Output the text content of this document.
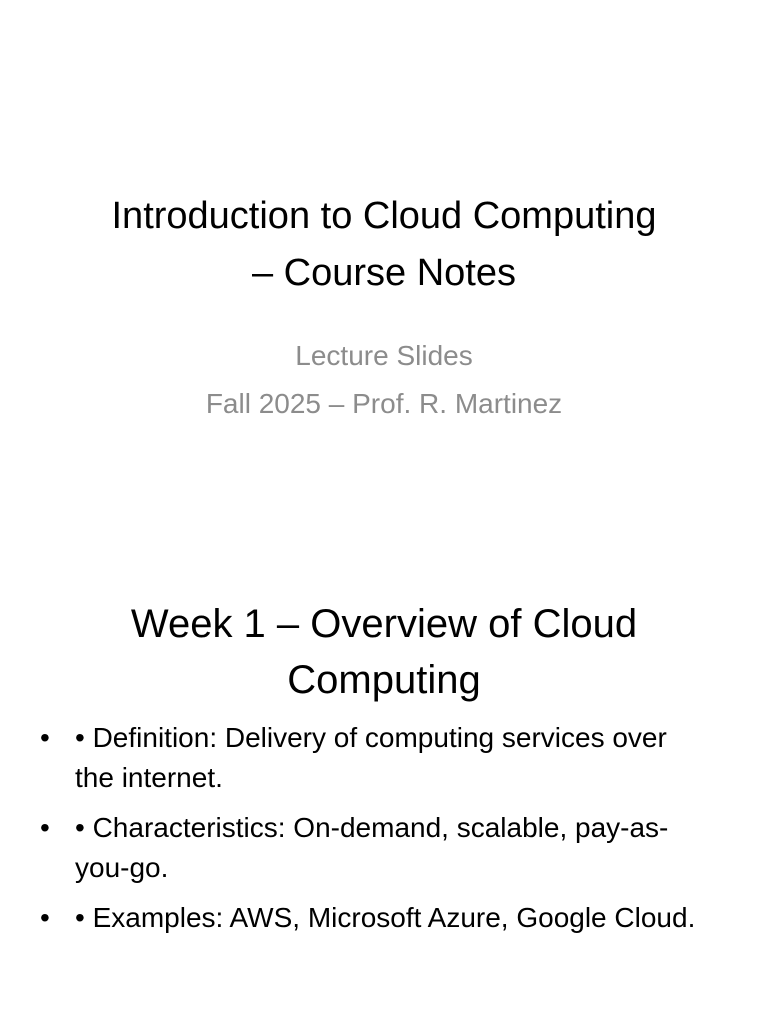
Introduction to Cloud Computing
– Course Notes
Lecture Slides
Fall 2025 – Prof. R. Martinez
Week 1 – Overview of Cloud
Computing
• • Definition: Delivery of computing services over the internet.
• • Characteristics: On-demand, scalable, pay-as-you-go.
• • Examples: AWS, Microsoft Azure, Google Cloud.
